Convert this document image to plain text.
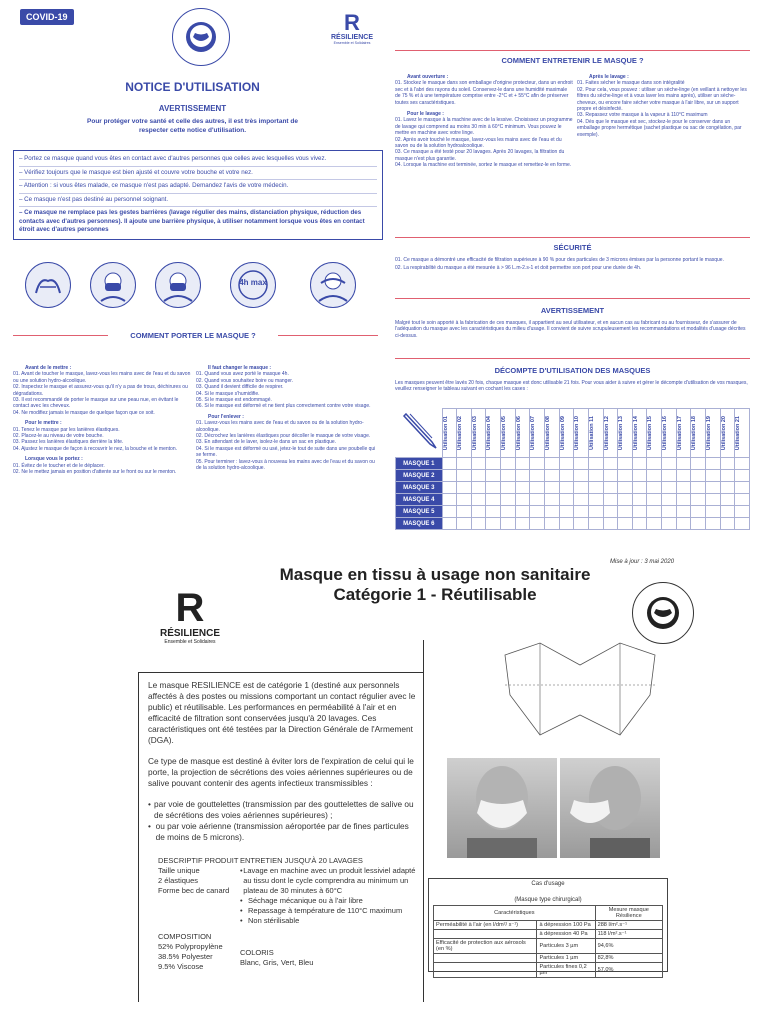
COVID-19	R
RÉSILIENCE
Ensemble et Solidaires
NOTICE D'UTILISATION
AVERTISSEMENT
Pour protéger votre santé et celle des autres, il est très important de respecter cette notice d'utilisation.
– Portez ce masque quand vous êtes en contact avec d'autres personnes que celles avec lesquelles vous vivez.
– Vérifiez toujours que le masque est bien ajusté et couvre votre bouche et votre nez.
– Attention : si vous êtes malade, ce masque n'est pas adapté. Demandez l'avis de votre médecin.
– Ce masque n'est pas destiné au personnel soignant.
– Ce masque ne remplace pas les gestes barrières (lavage régulier des mains, distanciation physique, réduction des contacts avec d'autres personnes). Il ajoute une barrière physique, à utiliser notamment lorsque vous êtes en contact étroit avec d'autres personnes
4h max
COMMENT PORTER LE MASQUE ?
Avant de le mettre :
01. Avant de toucher le masque, lavez-vous les mains avec de l'eau et du savon ou une solution hydro-alcoolique.
02. Inspectez le masque et assurez-vous qu'il n'y a pas de trous, déchirures ou dégradations.
03. Il est recommandé de porter le masque sur une peau nue, en évitant le contact avec les cheveux.
04. Ne modifiez jamais le masque de quelque façon que ce soit.
Pour le mettre :
01. Tenez le masque par les lanières élastiques.
02. Placez-le au niveau de votre bouche.
03. Passez les lanières élastiques derrière la tête.
04. Ajustez le masque de façon à recouvrir le nez, la bouche et le menton.
Lorsque vous le portez :
01. Évitez de le toucher et de le déplacer.
02. Ne le mettez jamais en position d'attente sur le front ou sur le menton.
Il faut changer le masque :
01. Quand vous avez porté le masque 4h.
02. Quand vous souhaitez boire ou manger.
03. Quand il devient difficile de respirer.
04. Si le masque s'humidifie.
05. Si le masque est endommagé.
06. Si le masque est déformé et ne tient plus correctement contre votre visage.
Pour l'enlever :
01. Lavez-vous les mains avec de l'eau et du savon ou de la solution hydro-alcoolique.
02. Décrochez les lanières élastiques pour décoller le masque de votre visage.
03. En attendant de le laver, isolez-le dans un sac en plastique.
04. Si le masque est déformé ou usé, jetez-le tout de suite dans une poubelle qui se ferme.
05. Pour terminer : lavez-vous à nouveau les mains avec de l'eau et du savon ou de la solution hydro-alcoolique.
COMMENT ENTRETENIR LE MASQUE ?
Avant ouverture :
01. Stockez le masque dans son emballage d'origine protecteur, dans un endroit sec et à l'abri des rayons du soleil. Conservez-le dans une humidité maximale de 75 % et à une température comprise entre -2°C et + 55°C afin de préserver toutes ses caractéristiques.
Pour le lavage :
01. Lavez le masque à la machine avec de la lessive. Choisissez un programme de lavage qui comprend au moins 30 min à 60°C minimum. Vous pouvez le mettre en machine avec votre linge.
02. Après avoir touché le masque, lavez-vous les mains avec de l'eau et du savon ou de la solution hydroalcoolique.
03. Ce masque a été testé pour 20 lavages. Après 20 lavages, la filtration du masque n'est plus garantie.
04. Lorsque la machine est terminée, sortez le masque et remettez-le en forme.
Après le lavage :
01. Faites sécher le masque dans son intégralité
02. Pour cela, vous pouvez : utiliser un sèche-linge (en veillant à nettoyer les filtres du sèche-linge et à vous laver les mains après), utiliser un sèche-cheveux, ou encore faire sécher votre masque à l'air libre, sur un support propre et désinfecté.
03. Repassez votre masque à la vapeur à 110°C maximum
04. Dès que le masque est sec, stockez-le pour le conserver dans un emballage propre hermétique (sachet plastique ou sac de congélation, par exemple).
SÉCURITÉ
01. Ce masque a démontré une efficacité de filtration supérieure à 90 % pour des particules de 3 microns émises par la personne portant le masque.
02. La respirabilité du masque a été mesurée à > 96 L.m-2.s-1 et doit permettre son port pour une durée de 4h.
AVERTISSEMENT
Malgré tout le soin apporté à la fabrication de ces masques, il appartient au seul utilisateur, et en aucun cas au fabricant ou au fournisseur, de s'assurer de l'adéquation du masque avec les caractéristiques du milieu d'usage. Il convient de suivre scrupuleusement les recommandations et modalités d'usage décrites ci-dessus.
DÉCOMPTE D'UTILISATION DES MASQUES
Les masques peuvent être lavés 20 fois, chaque masque est donc utilisable 21 fois. Pour vous aider à suivre et gérer le décompte d'utilisation de vos masques, veuillez renseigner le tableau suivant en cochant les cases :

	Utilisation 01	Utilisation 02	Utilisation 03	Utilisation 04	Utilisation 05	Utilisation 06	Utilisation 07	Utilisation 08	Utilisation 09	Utilisation 10	Utilisation 11	Utilisation 12	Utilisation 13	Utilisation 14	Utilisation 15	Utilisation 16	Utilisation 17	Utilisation 18	Utilisation 19	Utilisation 20	Utilisation 21

MASQUE 1																					
MASQUE 2																					
MASQUE 3																					
MASQUE 4																					
MASQUE 5																					
MASQUE 6																					
Mise à jour : 3 mai 2020
Masque en tissu à usage non sanitaire
Catégorie 1 - Réutilisable
R
RÉSILIENCE
Ensemble et Solidaires
Le masque RESILIENCE est de catégorie 1 (destiné aux personnels affectés à des postes ou missions comportant un contact régulier avec le public) et réutilisable. Les performances en perméabilité à l'air et en efficacité de filtration sont conservées jusqu'à 20 lavages. Ces caractéristiques ont été testées par la Direction Générale de l'Armement (DGA).
Ce type de masque est destiné à éviter lors de l'expiration de celui qui le porte, la projection de sécrétions des voies aériennes supérieures ou de salive pouvant contenir des agents infectieux transmissibles :
• par voie de gouttelettes (transmission par des gouttelettes de salive ou de sécrétions des voies aériennes supérieures) ;
• ou par voie aérienne (transmission aéroportée par de fines particules de moins de 5 microns).
DESCRIPTIF PRODUIT
Taille unique
2 élastiques
Forme bec de canard
ENTRETIEN JUSQU'À 20 LAVAGES
• Lavage en machine avec un produit lessiviel adapté au tissu dont le cycle comprendra au minimum un plateau de 30 minutes à 60°C
• Séchage mécanique ou à l'air libre
• Repassage à température de 110°C maximum
• Non stérilisable
COMPOSITION
52% Polypropylène
38.5% Polyester
9.5% Viscose
COLORIS
Blanc, Gris, Vert, Bleu
Cas d'usage
(Masque type chirurgical)
Caractéristiques		Mesure masque Résilience
Perméabilité à l'air (en l/dm²/ s⁻¹)	à dépression 100 Pa	288 l/m².s⁻¹
	à dépression 40 Pa	118 l/m².s⁻¹
Efficacité de protection aux aérosols (en %)	Particules 3 µm	94,6%
	Particules 1 µm	82,8%
	Particules fines 0,2 µm	57,0%
